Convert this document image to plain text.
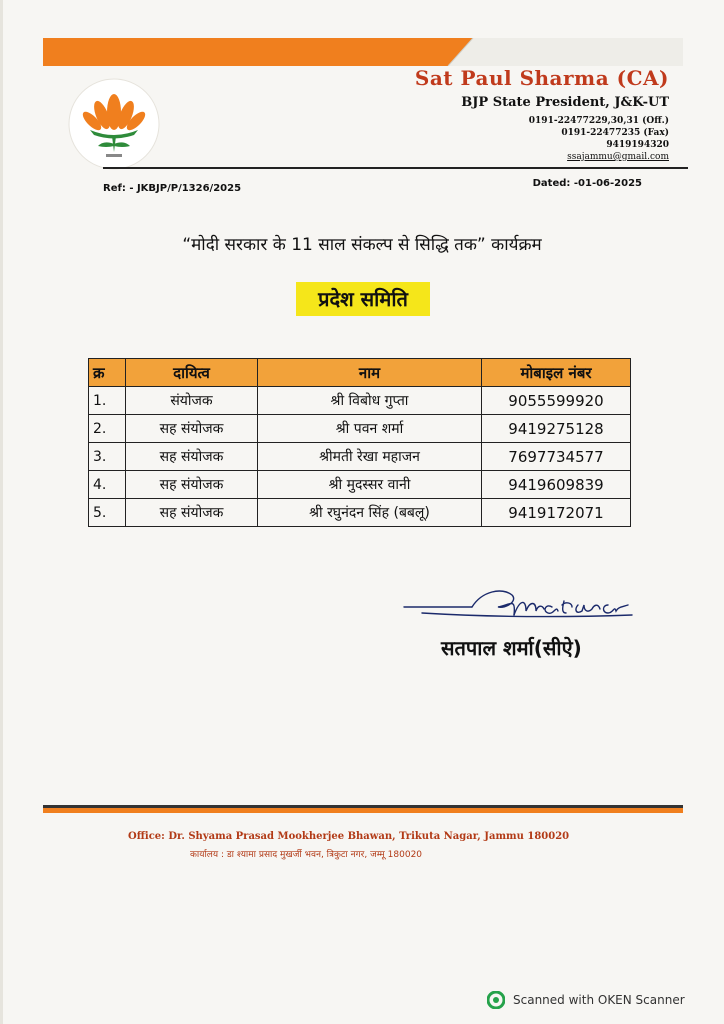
Sat Paul Sharma (CA)
BJP State President, J&K-UT
0191-22477229,30,31 (Off.)
0191-22477235 (Fax)
9419194320
ssajammu@gmail.com
Ref: - JKBJP/P/1326/2025	Dated: -01-06-2025
“मोदी सरकार के 11 साल संकल्प से सिद्धि तक” कार्यक्रम
प्रदेश समिति
क्र	दायित्व	नाम	मोबाइल नंबर
1.	संयोजक	श्री विबोध गुप्ता	9055599920
2.	सह संयोजक	श्री पवन शर्मा	9419275128
3.	सह संयोजक	श्रीमती रेखा महाजन	7697734577
4.	सह संयोजक	श्री मुदस्सर वानी	9419609839
5.	सह संयोजक	श्री रघुनंदन सिंह (बबलू)	9419172071
सतपाल शर्मा(सीऐ)
Office: Dr. Shyama Prasad Mookherjee Bhawan, Trikuta Nagar, Jammu 180020
कार्यालय : डा श्यामा प्रसाद मुखर्जी भवन, त्रिकुटा नगर, जम्मू 180020
Scanned with OKEN Scanner
